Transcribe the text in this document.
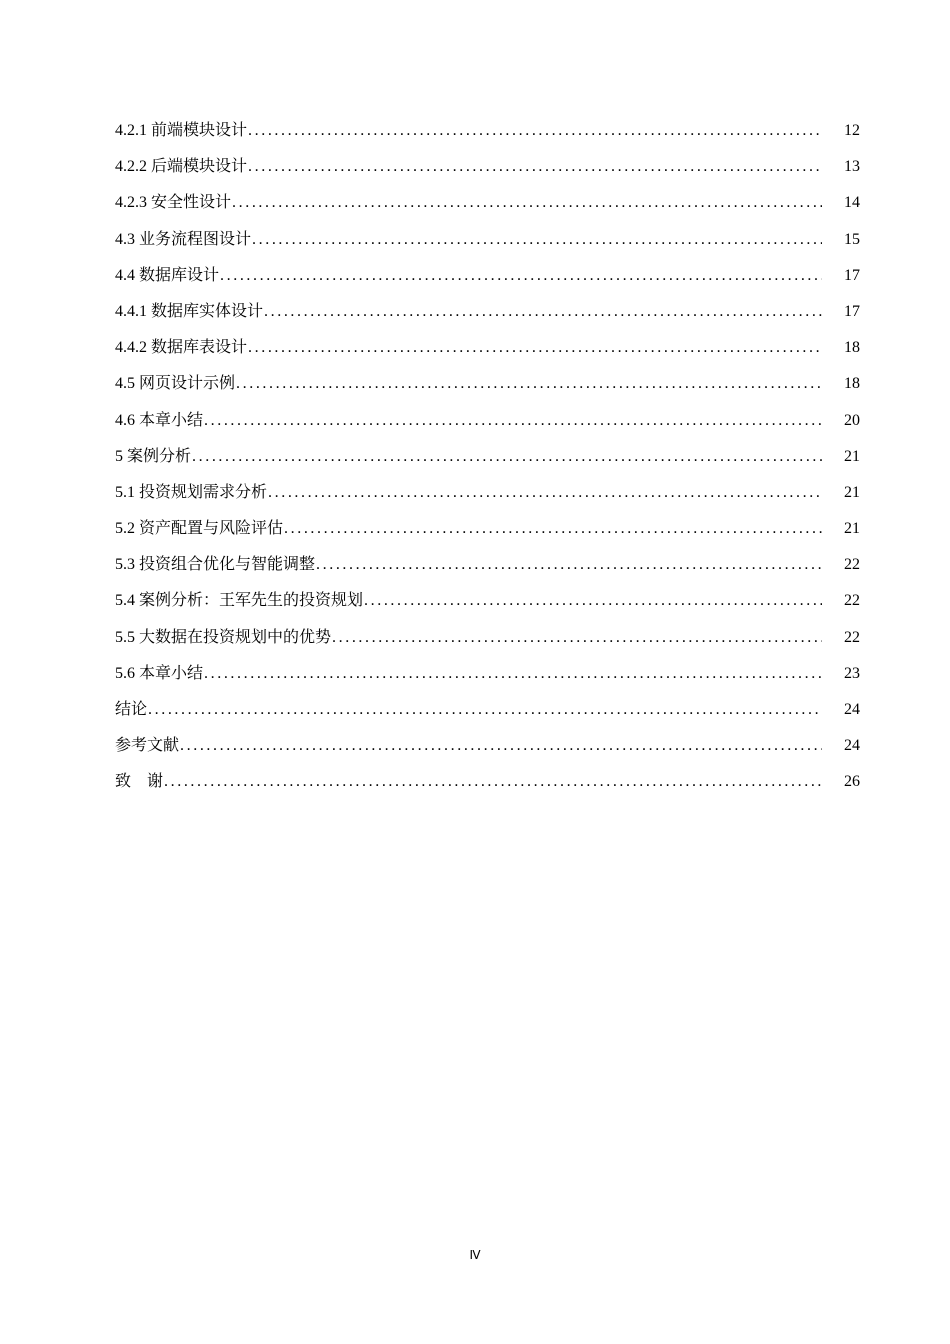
4.2.1 前端模块设计 .....	12
4.2.2 后端模块设计 .....	13
4.2.3 安全性设计 .....	14
4.3 业务流程图设计 .....	15
4.4 数据库设计 .....	17
4.4.1 数据库实体设计 .....	17
4.4.2 数据库表设计 .....	18
4.5 网页设计示例 .....	18
4.6 本章小结 .....	20
5 案例分析 .....	21
5.1 投资规划需求分析 .....	21
5.2 资产配置与风险评估 .....	21
5.3 投资组合优化与智能调整 .....	22
5.4 案例分析：王军先生的投资规划 .....	22
5.5 大数据在投资规划中的优势 .....	22
5.6 本章小结 .....	23
结论 .....	24
参考文献 .....	24
致    谢 .....	26
Ⅳ
